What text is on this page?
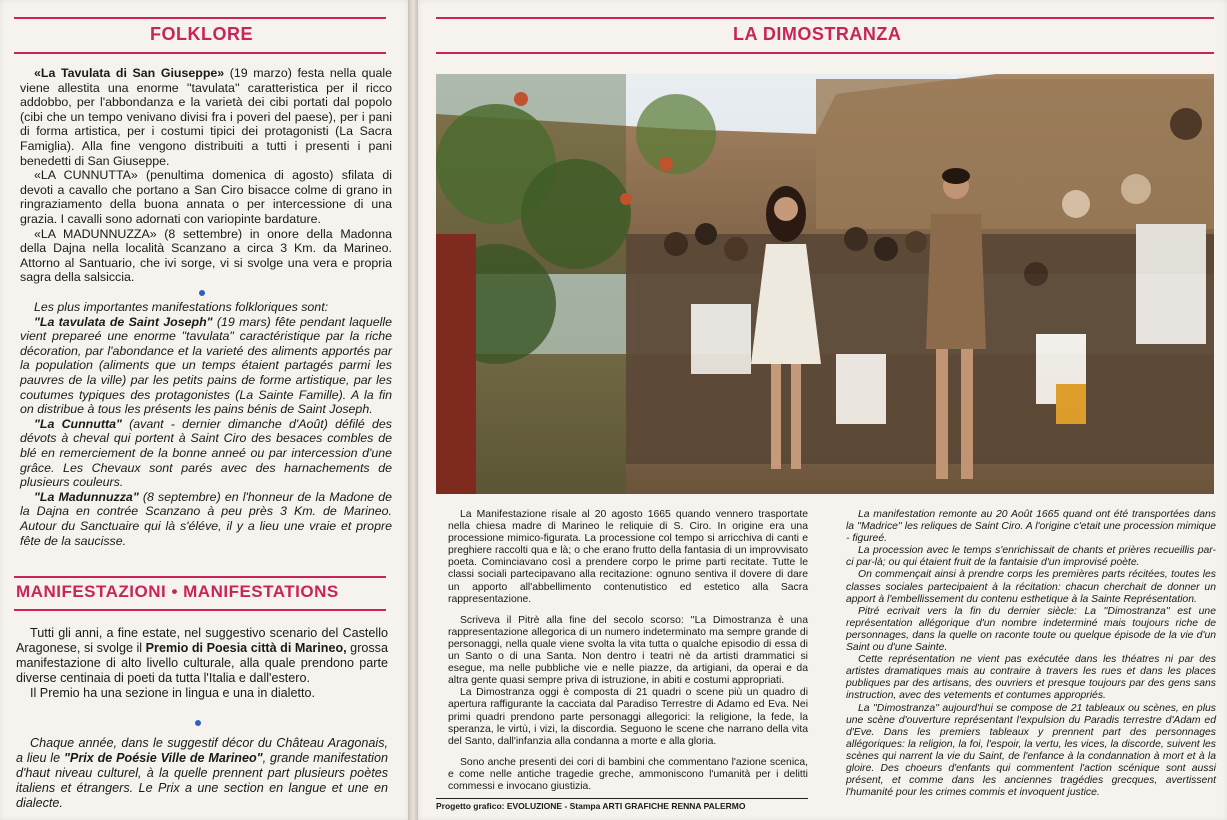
FOLKLORE

«La Tavulata di San Giuseppe» (19 marzo) festa nella quale viene allestita una enorme ''tavulata'' caratteristica per il ricco addobbo, per l'abbondanza e la varietà dei cibi portati dal popolo (cibi che un tempo venivano divisi fra i poveri del paese), per i pani di forma artistica, per i costumi tipici dei protagonisti (La Sacra Famiglia). Alla fine vengono distribuiti a tutti i presenti i pani benedetti di San Giuseppe.

«LA CUNNUTTA» (penultima domenica di agosto) sfilata di devoti a cavallo che portano a San Ciro bisacce colme di grano in ringraziamento della buona annata o per intercessione di una grazia. I cavalli sono adornati con variopinte bardature.

«LA MADUNNUZZA» (8 settembre) in onore della Madonna della Dajna nella località Scanzano a circa 3 Km. da Marineo. Attorno al Santuario, che ivi sorge, vi si svolge una vera e propria sagra della salsiccia.

Les plus importantes manifestations folkloriques sont:

"La tavulata de Saint Joseph" (19 mars) fête pendant laquelle vient prepareé une enorme "tavulata" caractéristique par la riche décoration, par l'abondance et la varieté des aliments apportés par la population (aliments que un temps étaient partagés parmi les pauvres de la ville) par les petits pains de forme artistique, par les coutumes typiques des protagonistes (La Sainte Famille). A la fin on distribue à tous les présents les pains bénis de Saint Joseph.

"La Cunnutta" (avant - dernier dimanche d'Août) défilé des dévots à cheval qui portent à Saint Ciro des besaces combles de blé en remerciement de la bonne anneé ou par intercession d'une grâce. Les Chevaux sont parés avec des harnachements de plusieurs couleurs.

"La Madunnuzza" (8 septembre) en l'honneur de la Madone de la Dajna en contrée Scanzano à peu près 3 Km. de Marineo. Autour du Sanctuaire qui là s'éléve, il y a lieu une vraie et propre fête de la saucisse.

MANIFESTAZIONI • MANIFESTATIONS

Tutti gli anni, a fine estate, nel suggestivo scenario del Castello Aragonese, si svolge il Premio di Poesia città di Marineo, grossa manifestazione di alto livello culturale, alla quale prendono parte diverse centinaia di poeti da tutta l'Italia e dall'estero.

Il Premio ha una sezione in lingua e una in dialetto.

Chaque année, dans le suggestif décor du Château Aragonais, a lieu le "Prix de Poésie Ville de Marineo", grande manifestation d'haut niveau culturel, à la quelle prennent part plusieurs poètes italiens et étrangers. Le Prix a une section en langue et une en dialecte.

LA DIMOSTRANZA

La Manifestazione risale al 20 agosto 1665 quando vennero trasportate nella chiesa madre di Marineo le reliquie di S. Ciro. In origine era una processione mimico-figurata. La processione col tempo si arricchiva di canti e preghiere raccolti qua e là; o che erano frutto della fantasia di un improvvisato poeta. Cominciavano così a prendere corpo le prime parti recitate. Tutte le classi sociali partecipavano alla recitazione: ognuno sentiva il dovere di dare un apporto all'abbellimento contenutistico ed estetico alla Sacra rappresentazione.

Scriveva il Pitrè alla fine del secolo scorso: ''La Dimostranza è una rappresentazione allegorica di un numero indeterminato ma sempre grande di personaggi, nella quale viene svolta la vita tutta o qualche episodio di essa di un Santo o di una Santa. Non dentro i teatri nè da artisti drammatici si esegue, ma nelle pubbliche vie e nelle piazze, da artigiani, da operai e da altra gente quasi sempre priva di istruzione, in abiti e costumi appropriati.

La Dimostranza oggi è composta di 21 quadri o scene più un quadro di apertura raffigurante la cacciata dal Paradiso Terrestre di Adamo ed Eva. Nei primi quadri prendono parte personaggi allegorici: la religione, la fede, la speranza, le virtù, i vizi, la discordia. Seguono le scene che narrano della vita del Santo, dall'infanzia alla condanna a morte e alla gloria.

Sono anche presenti dei cori di bambini che commentano l'azione scenica, e come nelle antiche tragedie greche, ammoniscono l'umanità per i delitti commessi e invocano giustizia.

La manifestation remonte au 20 Août 1665 quand ont été transportées dans la ''Madrice'' les reliques de Saint Ciro. A l'origine c'etait une procession mimique - figureé.

La procession avec le temps s'enrichissait de chants et prières recueillis par-ci par-là; ou qui étaient fruit de la fantaisie d'un improvisé poète.

On commençait ainsi à prendre corps les premières parts récitées, toutes les classes sociales partecipaient à la récitation: chacun cherchait de donner un apport à l'embellissement du contenu esthetique à la Sainte Représentation.

Pitré ecrivait vers la fin du dernier siècle: La ''Dimostranza'' est une représentation allégorique d'un nombre indeterminé mais toujours riche de personnages, dans la quelle on raconte toute ou quelque épisode de la vie d'un Saint ou d'une Sainte.

Cette représentation ne vient pas exécutée dans les théatres ni par des artistes dramatiques mais au contraire à travers les rues et dans les places publiques par des artisans, des ouvriers et presque toujours par des gens sans instruction, avec des vetements et contumes appropriés.

La ''Dimostranza'' aujourd'hui se compose de 21 tableaux ou scènes, en plus une scène d'ouverture représentant l'expulsion du Paradis terrestre d'Adam ed d'Eve. Dans les premiers tableaux y prennent part des personnages allégoriques: la religion, la foi, l'espoir, la vertu, les vices, la discorde, suivent les scènes qui narrent la vie du Saint, de l'enfance à la condannation à mort et à la gloire. Des choeurs d'enfants qui commentent l'action scénique sont aussi présent, et comme dans les anciennes tragédies grecques, avertissent l'humanité pour les crimes commis et invoquent justice.

Progetto grafico: EVOLUZIONE - Stampa ARTI GRAFICHE RENNA PALERMO
